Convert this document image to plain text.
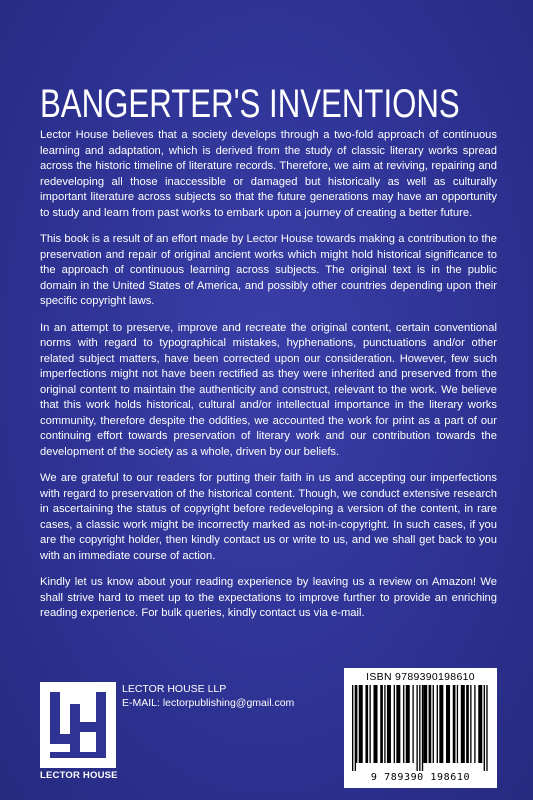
BANGERTER'S INVENTIONS

Lector House believes that a society develops through a two-fold approach of continuous learning and adaptation, which is derived from the study of classic literary works spread across the historic timeline of literature records. Therefore, we aim at reviving, repairing and redeveloping all those inaccessible or damaged but historically as well as culturally important literature across subjects so that the future generations may have an opportunity to study and learn from past works to embark upon a journey of creating a better future.

This book is a result of an effort made by Lector House towards making a contribution to the preservation and repair of original ancient works which might hold historical significance to the approach of continuous learning across subjects. The original text is in the public domain in the United States of America, and possibly other countries depending upon their specific copyright laws.

In an attempt to preserve, improve and recreate the original content, certain conventional norms with regard to typographical mistakes, hyphenations, punctuations and/or other related subject matters, have been corrected upon our consideration. However, few such imperfections might not have been rectified as they were inherited and preserved from the original content to maintain the authenticity and construct, relevant to the work. We believe that this work holds historical, cultural and/or intellectual importance in the literary works community, therefore despite the oddities, we accounted the work for print as a part of our continuing effort towards preservation of literary work and our contribution towards the development of the society as a whole, driven by our beliefs.

We are grateful to our readers for putting their faith in us and accepting our imperfections with regard to preservation of the historical content. Though, we conduct extensive research in ascertaining the status of copyright before redeveloping a version of the content, in rare cases, a classic work might be incorrectly marked as not-in-copyright. In such cases, if you are the copyright holder, then kindly contact us or write to us, and we shall get back to you with an immediate course of action.

Kindly let us know about your reading experience by leaving us a review on Amazon! We shall strive hard to meet up to the expectations to improve further to provide an enriching reading experience. For bulk queries, kindly contact us via e-mail.

LECTOR HOUSE
LECTOR HOUSE LLP
E-MAIL: lectorpublishing@gmail.com
ISBN 9789390198610
9 789390 198610
